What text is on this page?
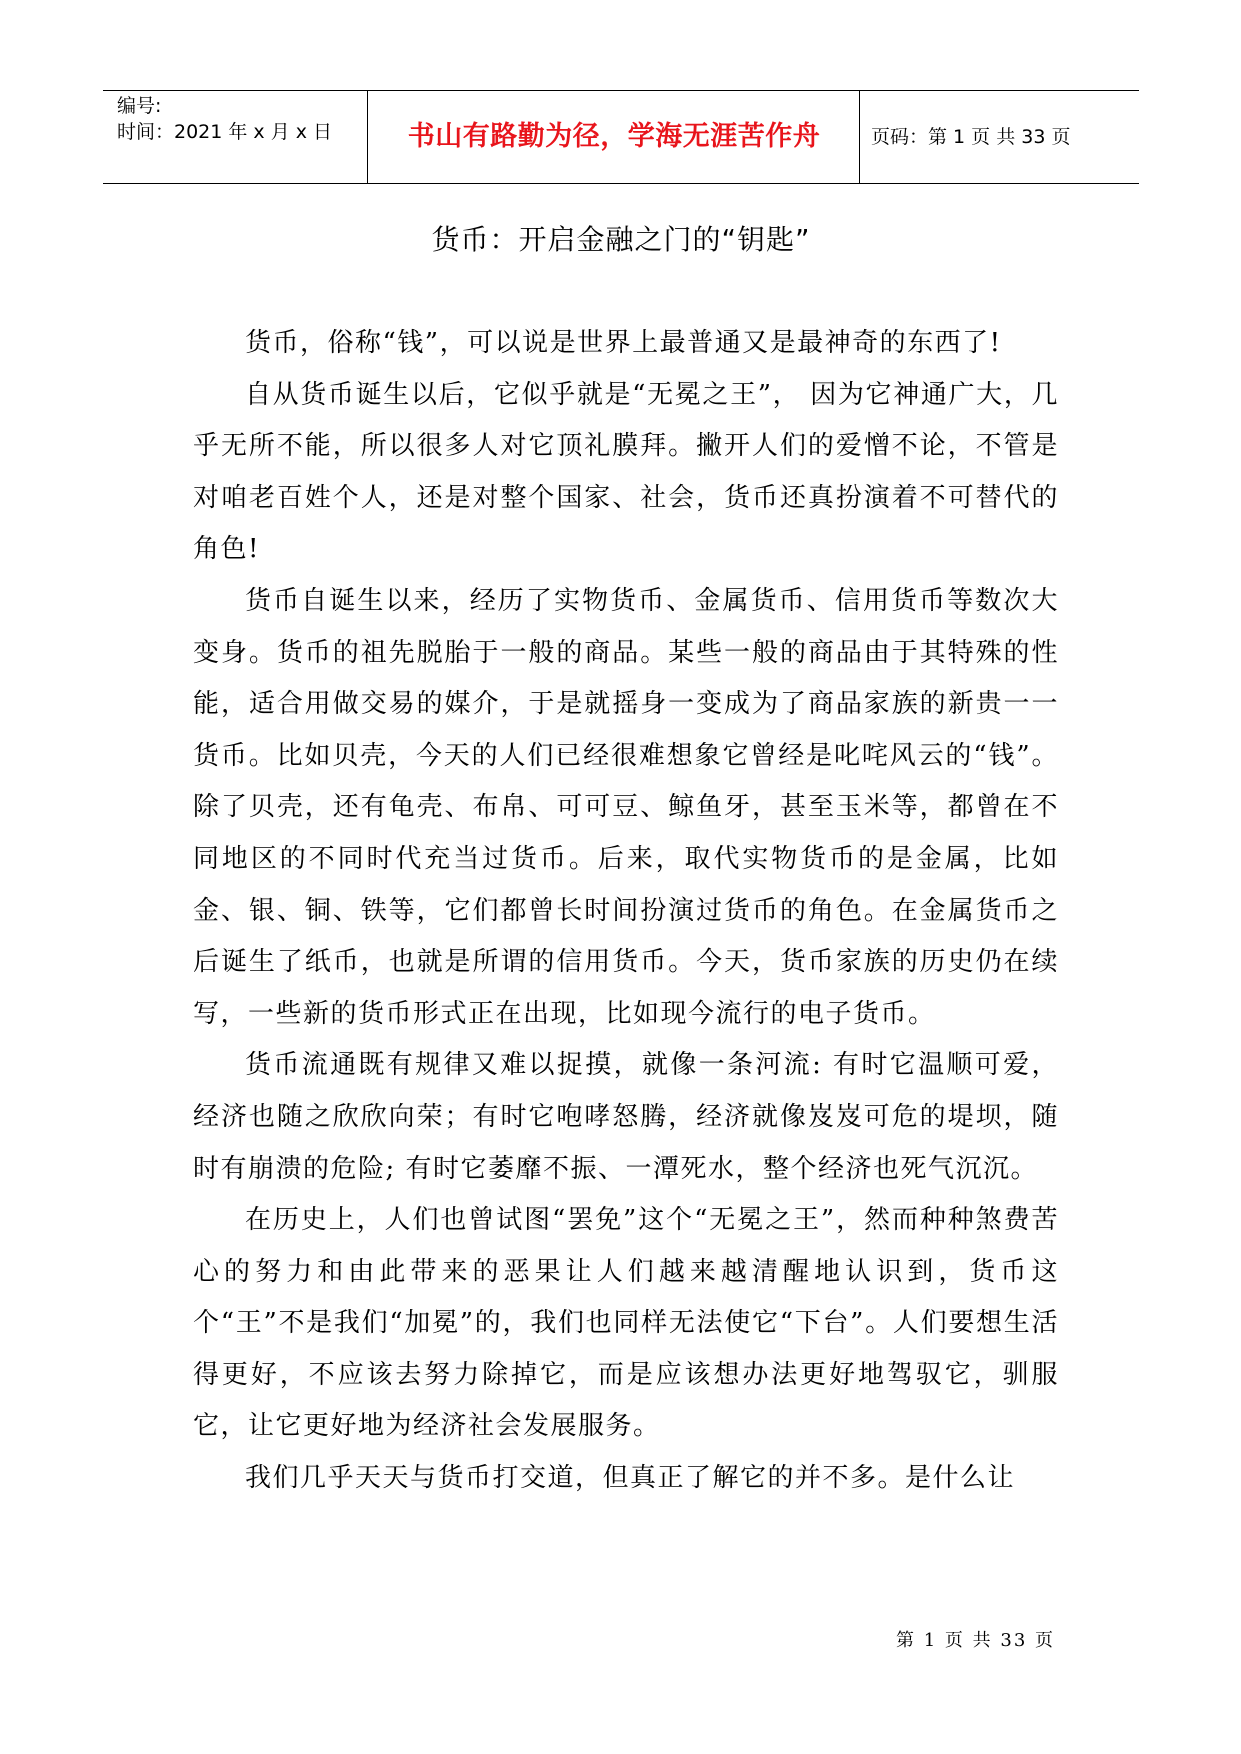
编号:
时间：2021 年 x 月 x 日	书山有路勤为径，学海无涯苦作舟	页码：第 1 页 共 33 页
货币：开启金融之门的“钥匙”

货币，俗称“钱”，可以说是世界上最普通又是最神奇的东西了!

自从货币诞生以后，它似乎就是“无冕之王”， 因为它神通广大，几乎无所不能，所以很多人对它顶礼膜拜。撇开人们的爱憎不论，不管是对咱老百姓个人，还是对整个国家、社会，货币还真扮演着不可替代的角色!

货币自诞生以来，经历了实物货币、金属货币、信用货币等数次大变身。货币的祖先脱胎于一般的商品。某些一般的商品由于其特殊的性能，适合用做交易的媒介，于是就摇身一变成为了商品家族的新贵一一货币。比如贝壳，今天的人们已经很难想象它曾经是叱咤风云的“钱”。除了贝壳，还有龟壳、布帛、可可豆、鲸鱼牙，甚至玉米等，都曾在不同地区的不同时代充当过货币。后来，取代实物货币的是金属，比如金、银、铜、铁等，它们都曾长时间扮演过货币的角色。在金属货币之后诞生了纸币，也就是所谓的信用货币。今天，货币家族的历史仍在续写，一些新的货币形式正在出现，比如现今流行的电子货币。

货币流通既有规律又难以捉摸，就像一条河流: 有时它温顺可爱，经济也随之欣欣向荣；有时它咆哮怒腾，经济就像岌岌可危的堤坝，随时有崩溃的危险; 有时它萎靡不振、一潭死水，整个经济也死气沉沉。

在历史上，人们也曾试图“罢免”这个“无冕之王”，然而种种煞费苦心的努力和由此带来的恶果让人们越来越清醒地认识到，货币这个“王”不是我们“加冕”的，我们也同样无法使它“下台”。人们要想生活得更好，不应该去努力除掉它，而是应该想办法更好地驾驭它，驯服它，让它更好地为经济社会发展服务。

我们几乎天天与货币打交道，但真正了解它的并不多。是什么让

第 1 页 共 33 页
